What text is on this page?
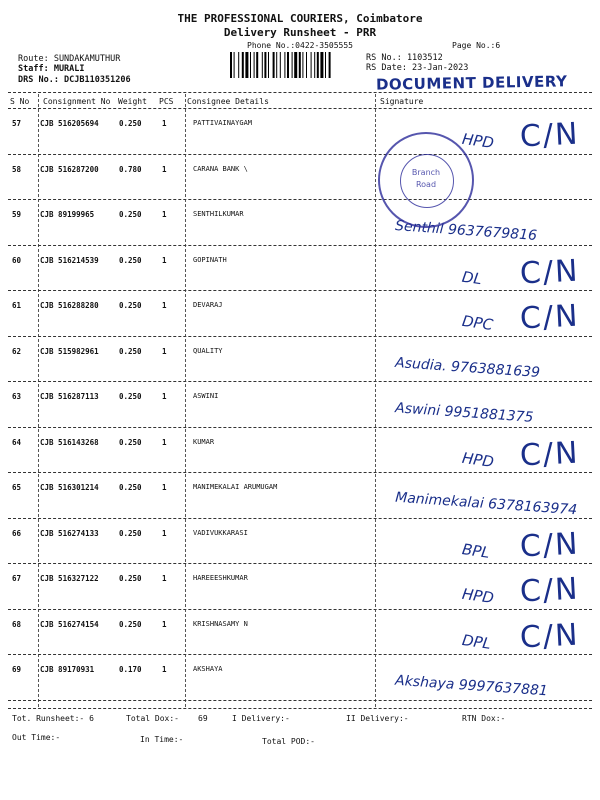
THE PROFESSIONAL COURIERS, Coimbatore
Delivery Runsheet - PRR
Phone No.:0422-3505555	Page No.:6
Route: SUNDAKAMUTHUR
Staff: MURALI
DRS No.: DCJB110351206
RS No.: 1103512
RS Date: 23-Jan-2023
DOCUMENT DELIVERY
S No Consignment No Weight PCS Consignee Details	Signature
57	CJB 516205694	0.250	1	PATTIVAINAYGAM
HPD C/N
58	CJB 516287200	0.780	1	CARANA BANK \
59	CJB 89199965	0.250	1	SENTHILKUMAR
Senthil 9637679816
60	CJB 516214539	0.250	1	GOPINATH
DL C/N
61	CJB 516288280	0.250	1	DEVARAJ
DPC C/N
62	CJB 515982961	0.250	1	QUALITY
Asudia. 9763881639
63	CJB 516287113	0.250	1	ASWINI
Aswini 9951881375
64	CJB 516143268	0.250	1	KUMAR
HPD C/N
65	CJB 516301214	0.250	1	MANIMEKALAI ARUMUGAM
Manimekalai 6378163974
66	CJB 516274133	0.250	1	VADIVUKKARASI
BPL C/N
67	CJB 516327122	0.250	1	HAREEESHKUMAR
HPD C/N
68	CJB 516274154	0.250	1	KRISHNASAMY N
DPL C/N
69	CJB 89170931	0.170	1	AKSHAYA
Akshaya 9997637881
Branch
Road
Tot. Runsheet:- 6	Total Dox:- 69	I Delivery:-	II Delivery:-	RTN Dox:-
Out Time:-	In Time:-	Total POD:-
